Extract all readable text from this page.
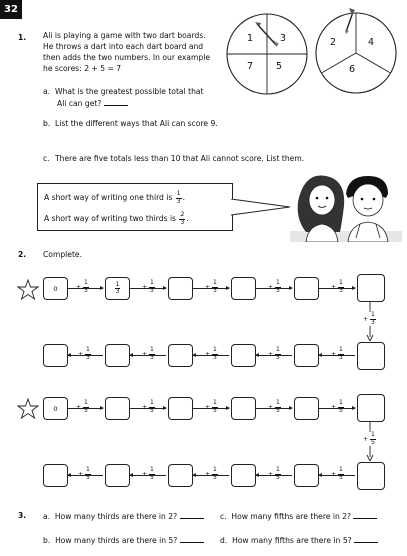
32
1. Ali is playing a game with two dart boards.
He throws a dart into each dart board and
then adds the two numbers. In our example
he scores: 2 + 5 = 7
a. What is the greatest possible total that
Ali can get?
b. List the different ways that Ali can score 9.
c. There are five totals less than 10 that Ali cannot score. List them.
1	3
7 5
2	4
6
A short way of writing one third is $\frac{1}{3}$ .
A short way of writing two thirds is $\frac{2}{3}$ .
2. Complete.
0	$\frac{1}{3}$
+ $\frac{1}{3}$	+ $\frac{1}{3}$	+ $\frac{1}{3}$	+ $\frac{1}{3}$	+ $\frac{1}{3}$
+ $\frac{1}{3}$
+ $\frac{1}{3}$	+ $\frac{1}{3}$	+ $\frac{1}{3}$	+ $\frac{1}{3}$	+ $\frac{1}{3}$
0	+ $\frac{1}{5}$	+ $\frac{1}{5}$	+ $\frac{1}{5}$	+ $\frac{1}{5}$	+ $\frac{1}{5}$
+ $\frac{1}{5}$
+ $\frac{1}{5}$	+ $\frac{1}{5}$	+ $\frac{1}{5}$	+ $\frac{1}{5}$	+ $\frac{1}{5}$
3. a. How many thirds are there in 2?	c. How many fifths are there in 2?
b. How many thirds are there in 5?	d. How many fifths are there in 5?
